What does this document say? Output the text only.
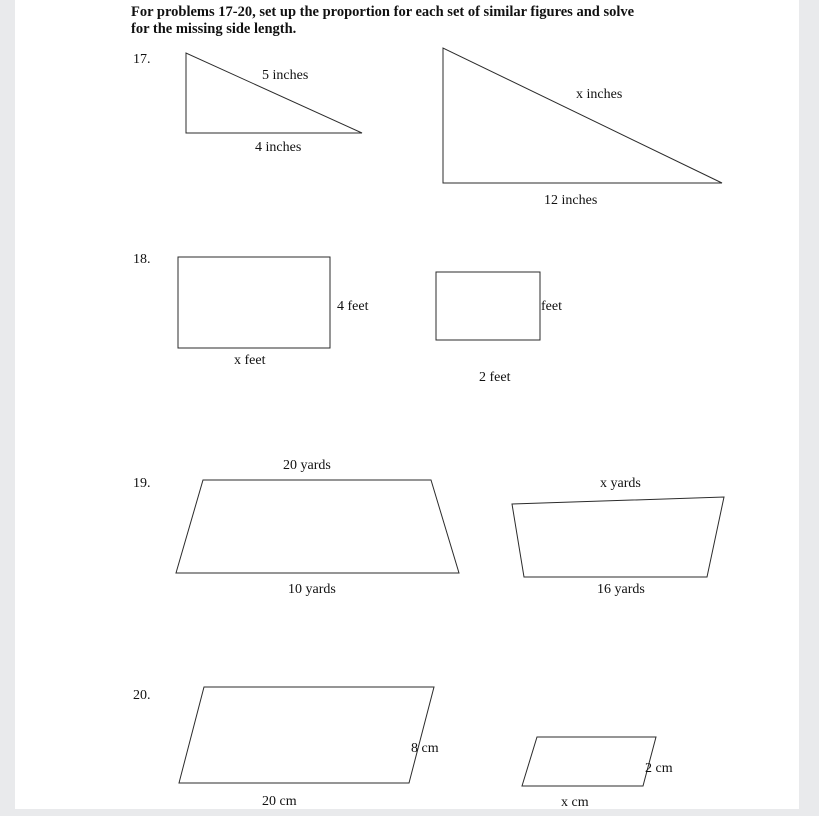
For problems 17-20, set up the proportion for each set of similar figures and solve
for the missing side length.
17.
5 inches
4 inches
x inches
12 inches
18.
4 feet
x feet
feet
2 feet
19.
20 yards
10 yards
x yards
16 yards
20.
8 cm
20 cm
2 cm
x cm
